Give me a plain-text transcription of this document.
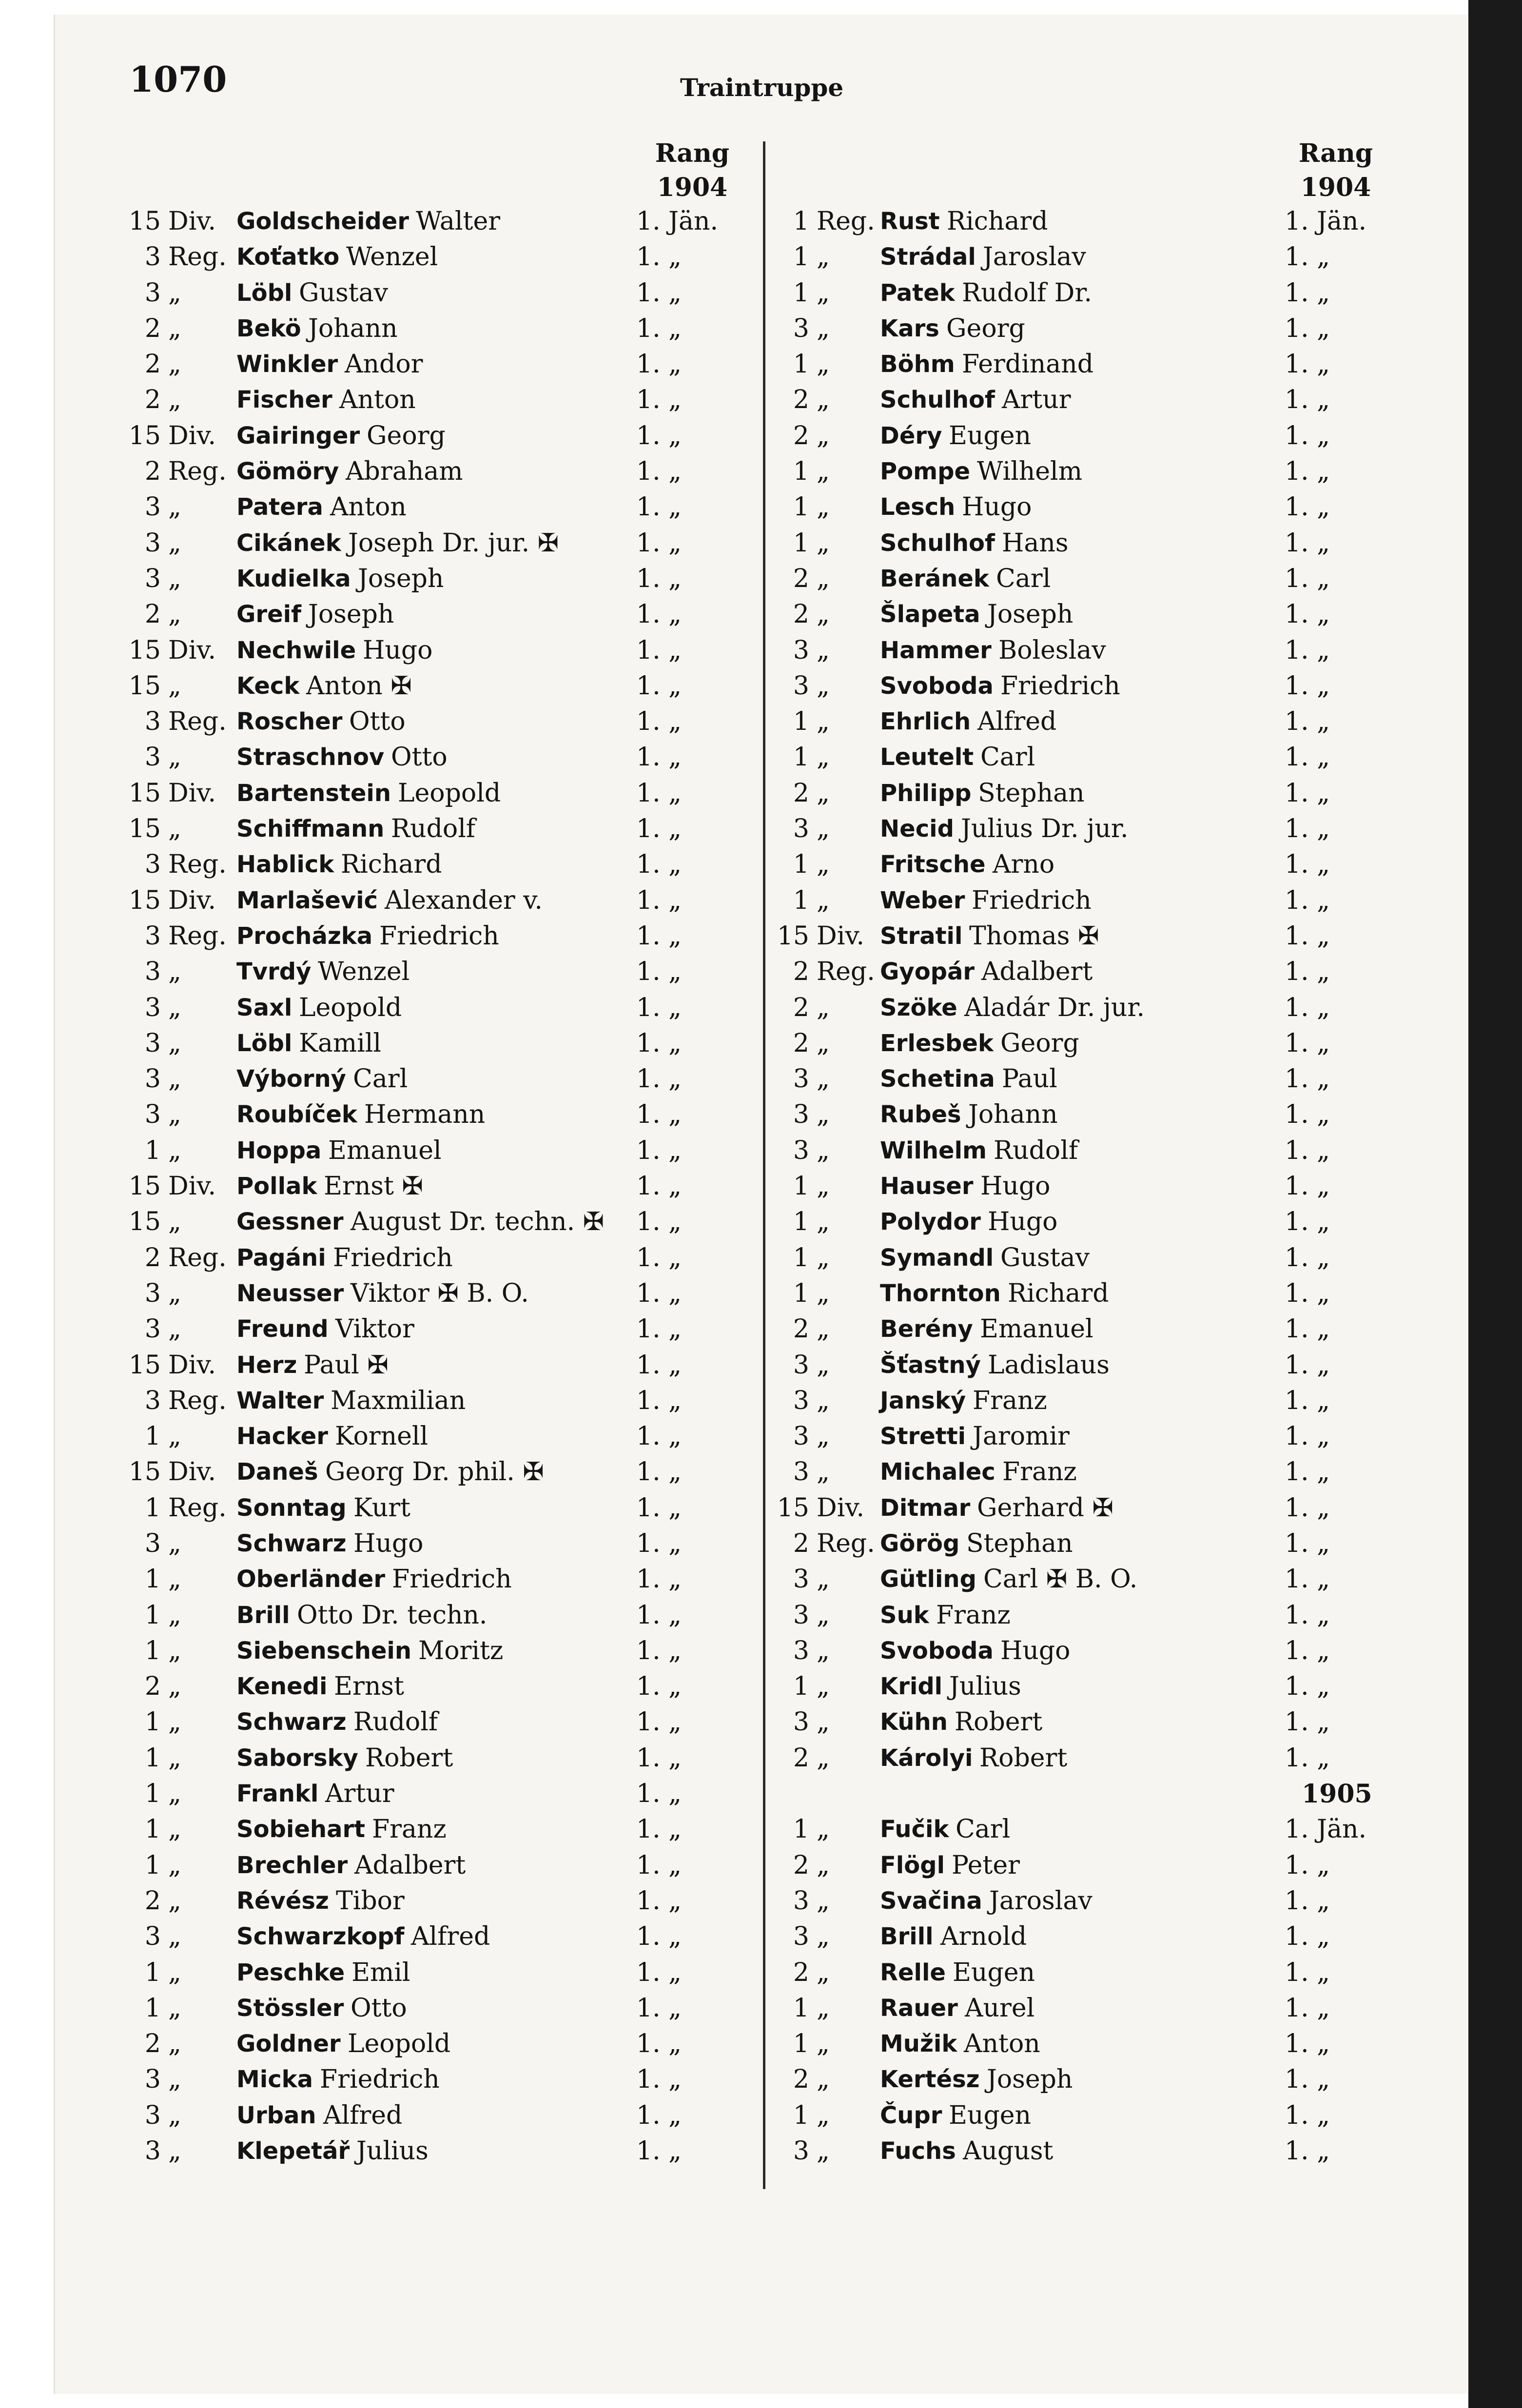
1070	Traintruppe
Rang
1904
Rang
1904
15 Div. Goldscheider Walter	1. Jän.
3 Reg. Koťatko Wenzel	1. „
3 „ Löbl Gustav	1. „
2 „ Bekö Johann	1. „
2 „ Winkler Andor	1. „
2 „ Fischer Anton	1. „
15 Div. Gairinger Georg	1. „
2 Reg. Gömöry Abraham	1. „
3 „ Patera Anton	1. „
3 „ Cikánek Joseph Dr. jur. ✠	1. „
3 „ Kudielka Joseph	1. „
2 „ Greif Joseph	1. „
15 Div. Nechwile Hugo	1. „
15 „ Keck Anton ✠	1. „
3 Reg. Roscher Otto	1. „
3 „ Straschnov Otto	1. „
15 Div. Bartenstein Leopold	1. „
15 „ Schiffmann Rudolf	1. „
3 Reg. Hablick Richard	1. „
15 Div. Marlašević Alexander v.	1. „
3 Reg. Procházka Friedrich	1. „
3 „ Tvrdý Wenzel	1. „
3 „ Saxl Leopold	1. „
3 „ Löbl Kamill	1. „
3 „ Výborný Carl	1. „
3 „ Roubíček Hermann	1. „
1 „ Hoppa Emanuel	1. „
15 Div. Pollak Ernst ✠	1. „
15 „ Gessner August Dr. techn. ✠ 1. „
2 Reg. Pagáni Friedrich	1. „
3 „ Neusser Viktor ✠ B. O.	1. „
3 „ Freund Viktor	1. „
15 Div. Herz Paul ✠	1. „
3 Reg. Walter Maxmilian	1. „
1 „ Hacker Kornell	1. „
15 Div. Daneš Georg Dr. phil. ✠	1. „
1 Reg. Sonntag Kurt	1. „
3 „ Schwarz Hugo	1. „
1 „ Oberländer Friedrich	1. „
1 „ Brill Otto Dr. techn.	1. „
1 „ Siebenschein Moritz	1. „
2 „ Kenedi Ernst	1. „
1 „ Schwarz Rudolf	1. „
1 „ Saborsky Robert	1. „
1 „ Frankl Artur	1. „
1 „ Sobiehart Franz	1. „
1 „ Brechler Adalbert	1. „
2 „ Révész Tibor	1. „
3 „ Schwarzkopf Alfred	1. „
1 „ Peschke Emil	1. „
1 „ Stössler Otto	1. „
2 „ Goldner Leopold	1. „
3 „ Micka Friedrich	1. „
3 „ Urban Alfred	1. „
3 „ Klepetář Julius	1. „
1 Reg. Rust Richard	1. Jän.
1 „ Strádal Jaroslav	1. „
1 „ Patek Rudolf Dr.	1. „
3 „ Kars Georg	1. „
1 „ Böhm Ferdinand	1. „
2 „ Schulhof Artur	1. „
2 „ Déry Eugen	1. „
1 „ Pompe Wilhelm	1. „
1 „ Lesch Hugo	1. „
1 „ Schulhof Hans	1. „
2 „ Beránek Carl	1. „
2 „ Šlapeta Joseph	1. „
3 „ Hammer Boleslav	1. „
3 „ Svoboda Friedrich	1. „
1 „ Ehrlich Alfred	1. „
1 „ Leutelt Carl	1. „
2 „ Philipp Stephan	1. „
3 „ Necid Julius Dr. jur.	1. „
1 „ Fritsche Arno	1. „
1 „ Weber Friedrich	1. „
15 Div. Stratil Thomas ✠	1. „
2 Reg. Gyopár Adalbert	1. „
2 „ Szöke Aladár Dr. jur.	1. „
2 „ Erlesbek Georg	1. „
3 „ Schetina Paul	1. „
3 „ Rubeš Johann	1. „
3 „ Wilhelm Rudolf	1. „
1 „ Hauser Hugo	1. „
1 „ Polydor Hugo	1. „
1 „ Symandl Gustav	1. „
1 „ Thornton Richard	1. „
2 „ Berény Emanuel	1. „
3 „ Šťastný Ladislaus	1. „
3 „ Janský Franz	1. „
3 „ Stretti Jaromir	1. „
3 „ Michalec Franz	1. „
15 Div. Ditmar Gerhard ✠	1. „
2 Reg. Görög Stephan	1. „
3 „ Gütling Carl ✠ B. O.	1. „
3 „ Suk Franz	1. „
3 „ Svoboda Hugo	1. „
1 „ Kridl Julius	1. „
3 „ Kühn Robert	1. „
2 „ Károlyi Robert	1. „
1905
1 „ Fučik Carl	1. Jän.
2 „ Flögl Peter	1. „
3 „ Svačina Jaroslav	1. „
3 „ Brill Arnold	1. „
2 „ Relle Eugen	1. „
1 „ Rauer Aurel	1. „
1 „ Mužik Anton	1. „
2 „ Kertész Joseph	1. „
1 „ Čupr Eugen	1. „
3 „ Fuchs August	1. „
